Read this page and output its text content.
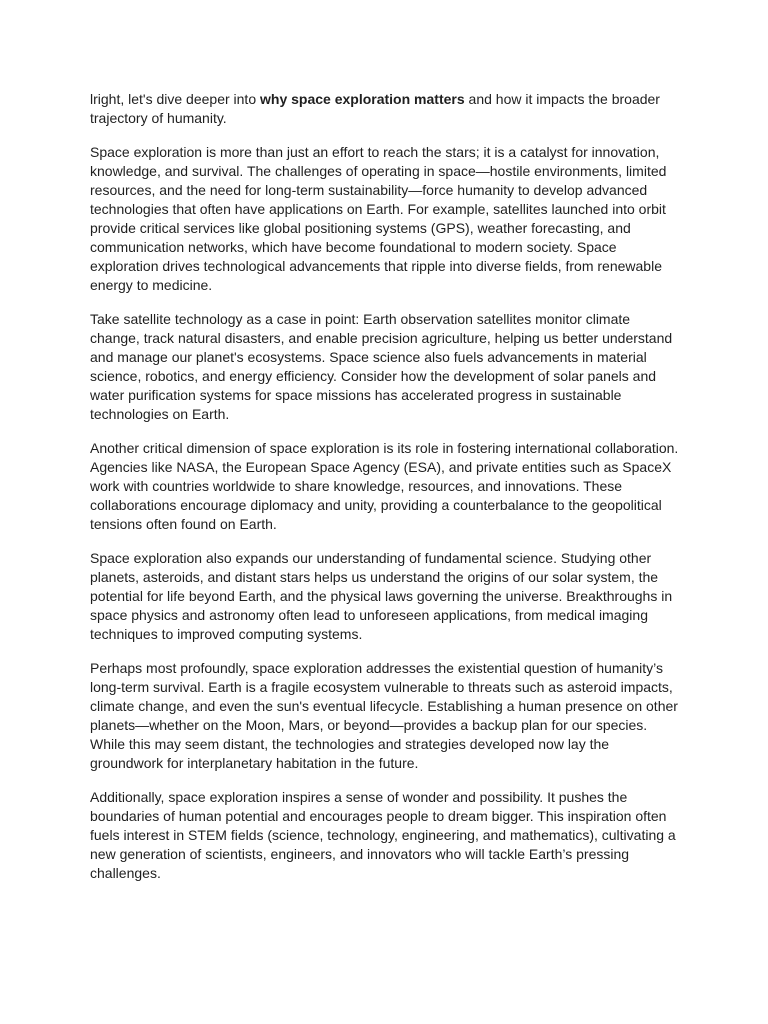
lright, let's dive deeper into why space exploration matters and how it impacts the broader trajectory of humanity.

Space exploration is more than just an effort to reach the stars; it is a catalyst for innovation, knowledge, and survival. The challenges of operating in space—hostile environments, limited resources, and the need for long-term sustainability—force humanity to develop advanced technologies that often have applications on Earth. For example, satellites launched into orbit provide critical services like global positioning systems (GPS), weather forecasting, and communication networks, which have become foundational to modern society. Space exploration drives technological advancements that ripple into diverse fields, from renewable energy to medicine.

Take satellite technology as a case in point: Earth observation satellites monitor climate change, track natural disasters, and enable precision agriculture, helping us better understand and manage our planet's ecosystems. Space science also fuels advancements in material science, robotics, and energy efficiency. Consider how the development of solar panels and water purification systems for space missions has accelerated progress in sustainable technologies on Earth.

Another critical dimension of space exploration is its role in fostering international collaboration. Agencies like NASA, the European Space Agency (ESA), and private entities such as SpaceX work with countries worldwide to share knowledge, resources, and innovations. These collaborations encourage diplomacy and unity, providing a counterbalance to the geopolitical tensions often found on Earth.

Space exploration also expands our understanding of fundamental science. Studying other planets, asteroids, and distant stars helps us understand the origins of our solar system, the potential for life beyond Earth, and the physical laws governing the universe. Breakthroughs in space physics and astronomy often lead to unforeseen applications, from medical imaging techniques to improved computing systems.

Perhaps most profoundly, space exploration addresses the existential question of humanity’s long-term survival. Earth is a fragile ecosystem vulnerable to threats such as asteroid impacts, climate change, and even the sun's eventual lifecycle. Establishing a human presence on other planets—whether on the Moon, Mars, or beyond—provides a backup plan for our species. While this may seem distant, the technologies and strategies developed now lay the groundwork for interplanetary habitation in the future.

Additionally, space exploration inspires a sense of wonder and possibility. It pushes the boundaries of human potential and encourages people to dream bigger. This inspiration often fuels interest in STEM fields (science, technology, engineering, and mathematics), cultivating a new generation of scientists, engineers, and innovators who will tackle Earth’s pressing challenges.
